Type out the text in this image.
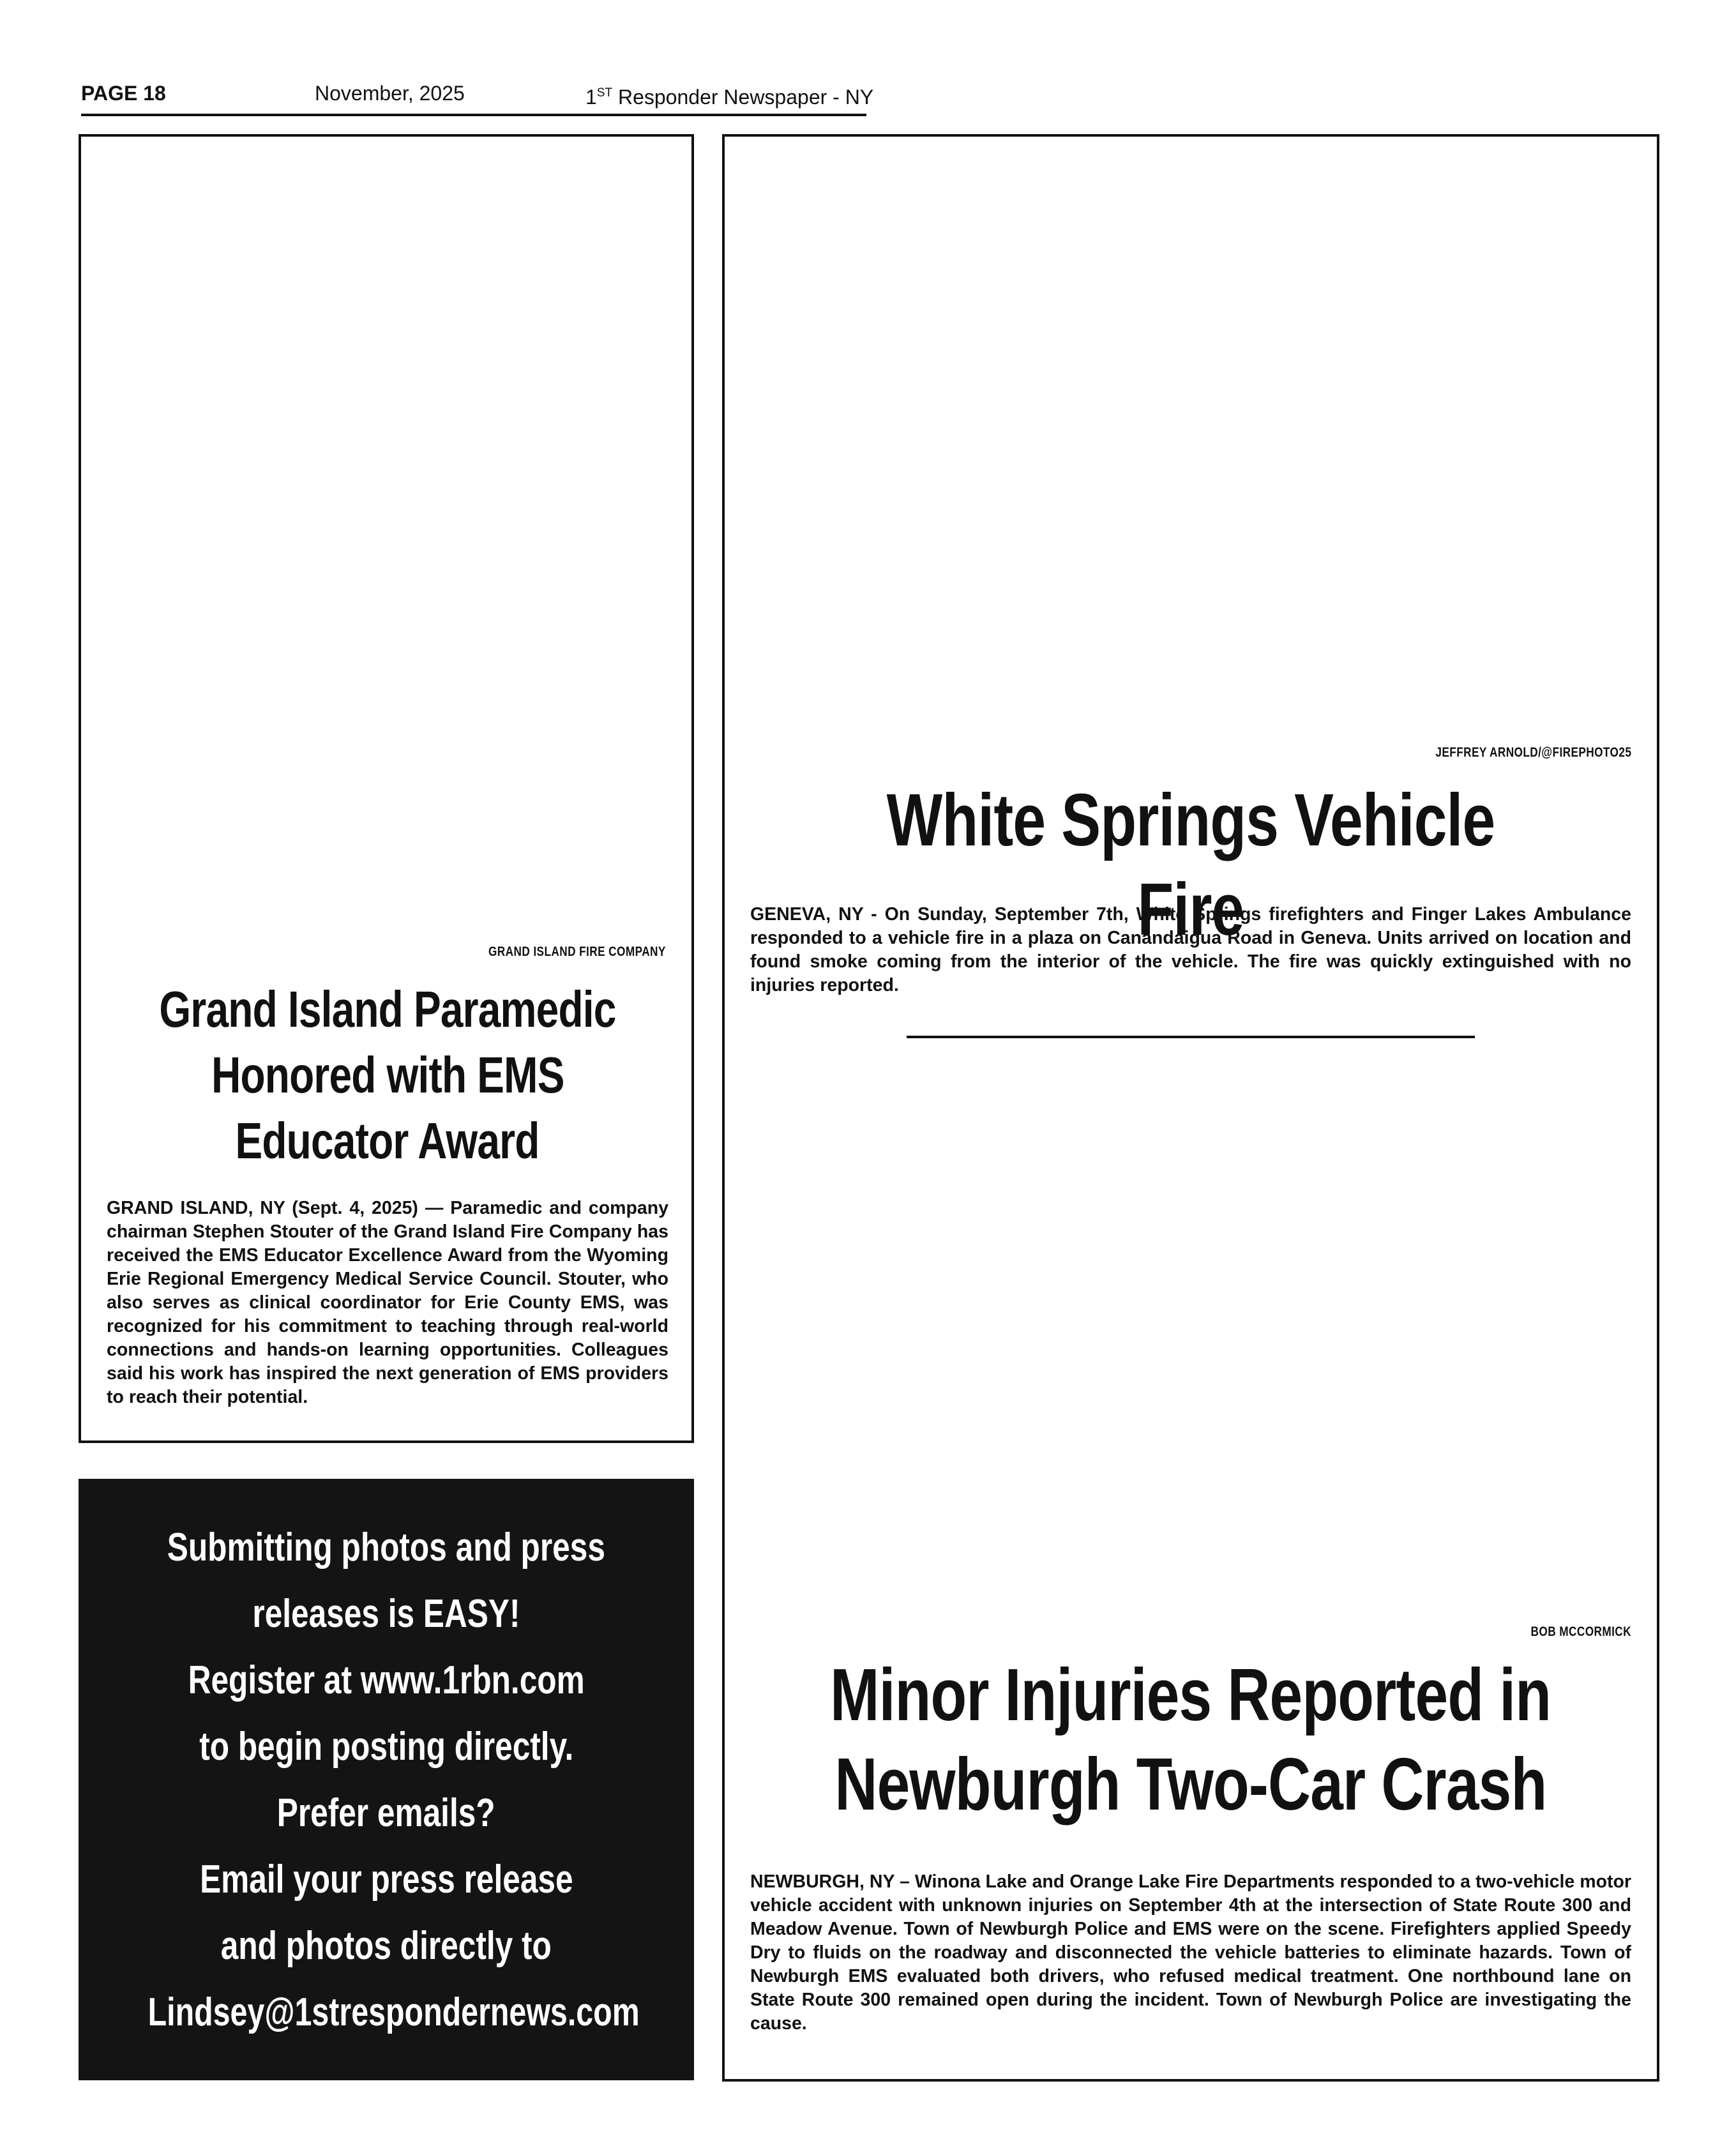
PAGE 18	November, 2025	1ST Responder Newspaper - NY
GRAND ISLAND FIRE COMPANY
Grand Island Paramedic
Honored with EMS
Educator Award

GRAND ISLAND, NY (Sept. 4, 2025) — Paramedic and company chairman Stephen Stouter of the Grand Island Fire Company has received the EMS Educator Excellence Award from the Wyoming Erie Regional Emergency Medical Service Council. Stouter, who also serves as clinical coordinator for Erie County EMS, was recognized for his commitment to teaching through real-world connections and hands-on learning opportunities. Colleagues said his work has inspired the next generation of EMS providers to reach their potential.

JEFFREY ARNOLD/@FIREPHOTO25
White Springs Vehicle Fire

GENEVA, NY - On Sunday, September 7th, White Springs firefighters and Finger Lakes Ambulance responded to a vehicle fire in a plaza on Canandaigua Road in Geneva. Units arrived on location and found smoke coming from the interior of the vehicle. The fire was quickly extinguished with no injuries reported.

BOB MCCORMICK
Minor Injuries Reported in
Newburgh Two-Car Crash

NEWBURGH, NY – Winona Lake and Orange Lake Fire Departments responded to a two-vehicle motor vehicle accident with unknown injuries on September 4th at the intersection of State Route 300 and Meadow Avenue. Town of Newburgh Police and EMS were on the scene. Firefighters applied Speedy Dry to fluids on the roadway and disconnected the vehicle batteries to eliminate hazards. Town of Newburgh EMS evaluated both drivers, who refused medical treatment. One northbound lane on State Route 300 remained open during the incident. Town of Newburgh Police are investigating the cause.

Submitting photos and press
releases is EASY!
Register at www.1rbn.com
to begin posting directly.
Prefer emails?
Email your press release
and photos directly to
Lindsey@1strespondernews.com
